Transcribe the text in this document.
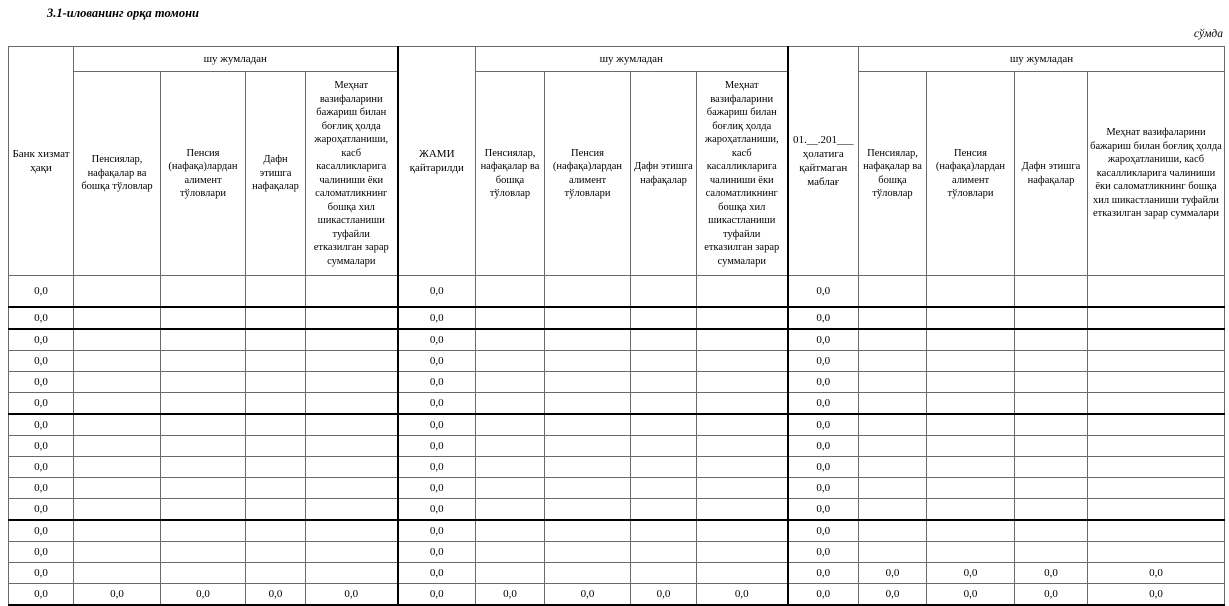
3.1-илованинг орқа томони
сўмда
Банк хизмат ҳақи	шу жумладан				ЖАМИ қайтарилди	шу жумладан				01.__.201___ ҳолатига қайтмаган маблағ	шу жумладан			
	Пенсиялар, нафақалар ва бошқа тўловлар	Пенсия (нафақа)лардан алимент тўловлари	Дафн этишга нафақалар	Меҳнат вазифаларини бажариш билан боғлиқ ҳолда жароҳатланиши, касб касалликларига чалиниши ёки саломатликнинг бошқа хил шикастланиши туфайли етказилган зарар суммалари		Пенсиялар, нафақалар ва бошқа тўловлар	Пенсия (нафақа)лардан алимент тўловлари	Дафн этишга нафақалар	Меҳнат вазифаларини бажариш билан боғлиқ ҳолда жароҳатланиши, касб касалликларига чалиниши ёки саломатликнинг бошқа хил шикастланиши туфайли етказилган зарар суммалари		Пенсиялар, нафақалар ва бошқа тўловлар	Пенсия (нафақа)лардан алимент тўловлари	Дафн этишга нафақалар	Меҳнат вазифаларини бажариш билан боғлиқ ҳолда жароҳатланиши, касб касалликларига чалиниши ёки саломатликнинг бошқа хил шикастланиши туфайли етказилган зарар суммалари
0,0					0,0					0,0				
0,0					0,0					0,0				
0,0					0,0					0,0				
0,0					0,0					0,0				
0,0					0,0					0,0				
0,0					0,0					0,0				
0,0					0,0					0,0				
0,0					0,0					0,0				
0,0					0,0					0,0				
0,0					0,0					0,0				
0,0					0,0					0,0				
0,0					0,0					0,0				
0,0					0,0					0,0				
0,0					0,0					0,0	0,0	0,0	0,0	0,0
0,0	0,0	0,0	0,0	0,0	0,0	0,0	0,0	0,0	0,0	0,0	0,0	0,0	0,0	0,0
